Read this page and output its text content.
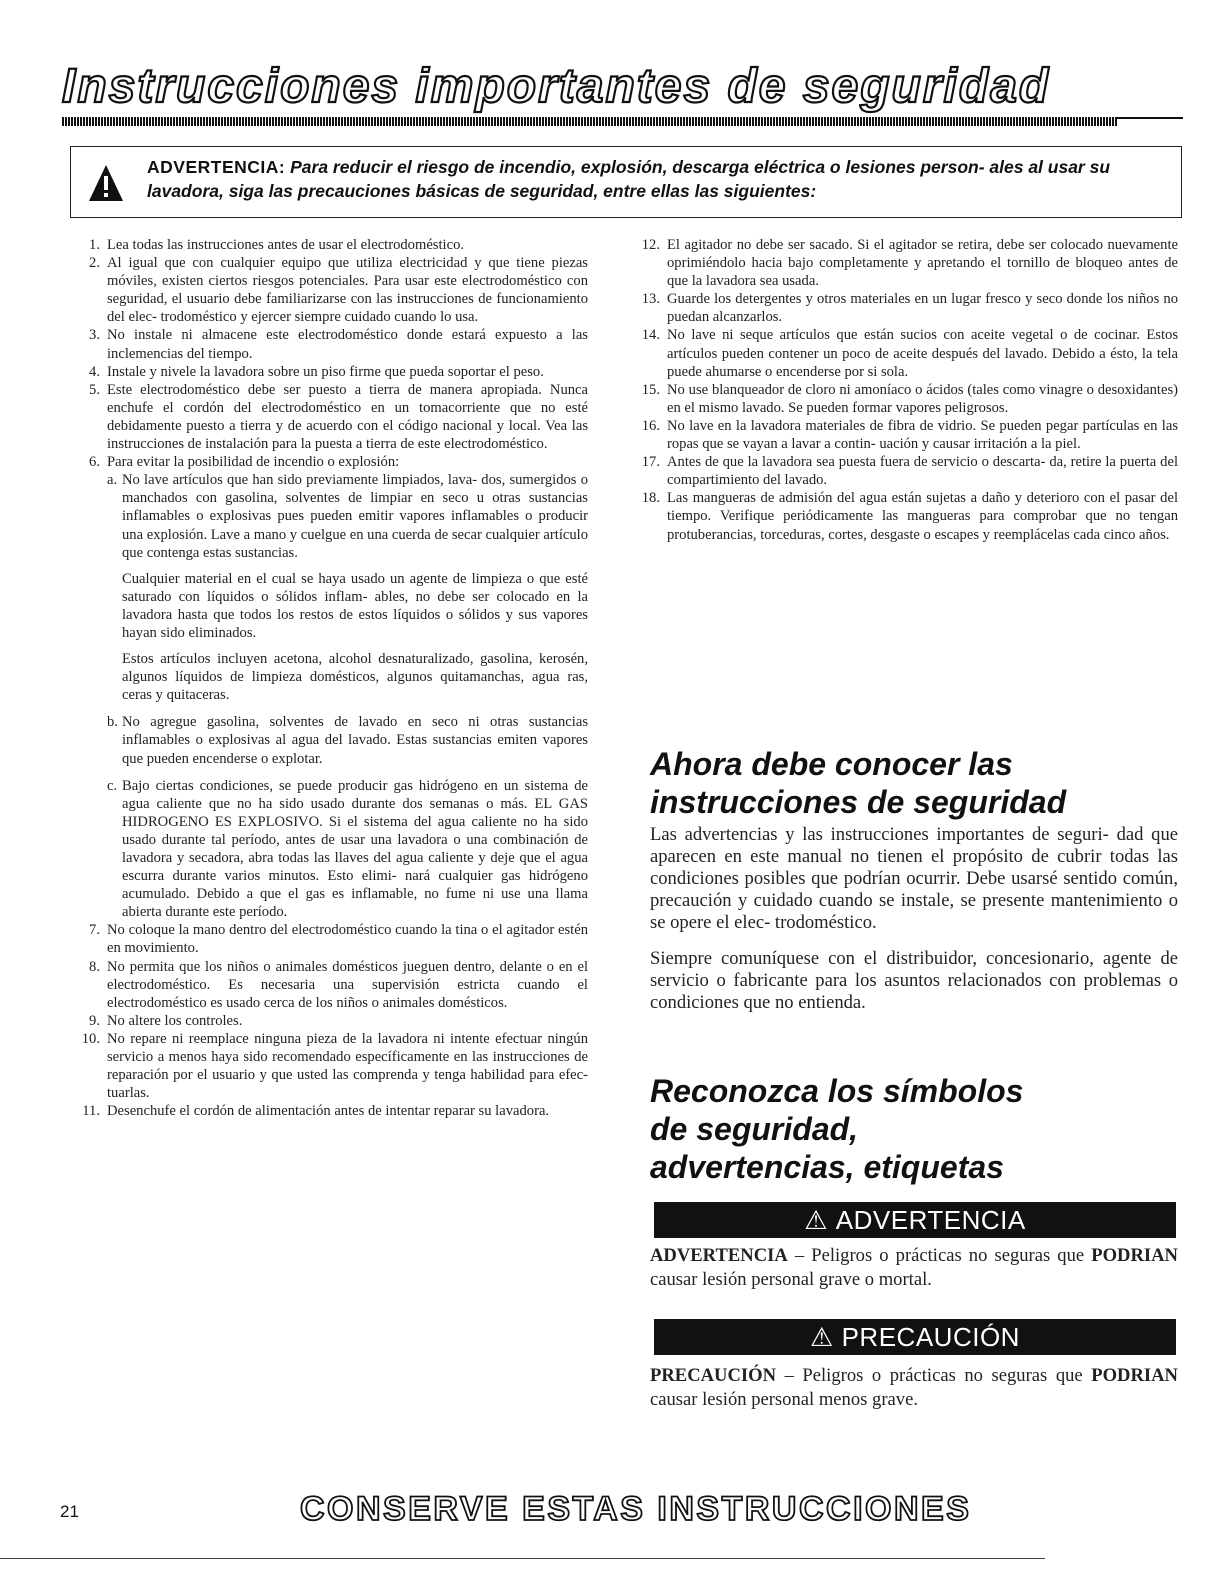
Instrucciones importantes de seguridad
ADVERTENCIA: Para reducir el riesgo de incendio, explosión, descarga eléctrica o lesiones person- ales al usar su lavadora, siga las precauciones básicas de seguridad, entre ellas las siguientes:
1. Lea todas las instrucciones antes de usar el electrodoméstico.
2. Al igual que con cualquier equipo que utiliza electricidad y que tiene piezas móviles, existen ciertos riesgos potenciales. Para usar este electrodoméstico con seguridad, el usuario debe familiarizarse con las instrucciones de funcionamiento del elec- trodoméstico y ejercer siempre cuidado cuando lo usa.
3. No instale ni almacene este electrodoméstico donde estará expuesto a las inclemencias del tiempo.
4. Instale y nivele la lavadora sobre un piso firme que pueda soportar el peso.
5. Este electrodoméstico debe ser puesto a tierra de manera apropiada. Nunca enchufe el cordón del electrodoméstico en un tomacorriente que no esté debidamente puesto a tierra y de acuerdo con el código nacional y local. Vea las instrucciones de instalación para la puesta a tierra de este electrodoméstico.
6. Para evitar la posibilidad de incendio o explosión:
a. No lave artículos que han sido previamente limpiados, lava- dos, sumergidos o manchados con gasolina, solventes de limpiar en seco u otras sustancias inflamables o explosivas pues pueden emitir vapores inflamables o producir una explosión. Lave a mano y cuelgue en una cuerda de secar cualquier artículo que contenga estas sustancias.
Cualquier material en el cual se haya usado un agente de limpieza o que esté saturado con líquidos o sólidos inflam- ables, no debe ser colocado en la lavadora hasta que todos los restos de estos líquidos o sólidos y sus vapores hayan sido eliminados.
Estos artículos incluyen acetona, alcohol desnaturalizado, gasolina, kerosén, algunos líquidos de limpieza domésticos, algunos quitamanchas, agua ras, ceras y quitaceras.
b. No agregue gasolina, solventes de lavado en seco ni otras sustancias inflamables o explosivas al agua del lavado. Estas sustancias emiten vapores que pueden encenderse o explotar.
c. Bajo ciertas condiciones, se puede producir gas hidrógeno en un sistema de agua caliente que no ha sido usado durante dos semanas o más. EL GAS HIDROGENO ES EXPLOSIVO. Si el sistema del agua caliente no ha sido usado durante tal período, antes de usar una lavadora o una combinación de lavadora y secadora, abra todas las llaves del agua caliente y deje que el agua escurra durante varios minutos. Esto elimi- nará cualquier gas hidrógeno acumulado. Debido a que el gas es inflamable, no fume ni use una llama abierta durante este período.
7. No coloque la mano dentro del electrodoméstico cuando la tina o el agitador estén en movimiento.
8. No permita que los niños o animales domésticos jueguen dentro, delante o en el electrodoméstico. Es necesaria una supervisión estricta cuando el electrodoméstico es usado cerca de los niños o animales domésticos.
9. No altere los controles.
10. No repare ni reemplace ninguna pieza de la lavadora ni intente efectuar ningún servicio a menos haya sido recomendado específicamente en las instrucciones de reparación por el usuario y que usted las comprenda y tenga habilidad para efec- tuarlas.
11. Desenchufe el cordón de alimentación antes de intentar reparar su lavadora.
12. El agitador no debe ser sacado. Si el agitador se retira, debe ser colocado nuevamente oprimiéndolo hacia bajo completamente y apretando el tornillo de bloqueo antes de que la lavadora sea usada.
13. Guarde los detergentes y otros materiales en un lugar fresco y seco donde los niños no puedan alcanzarlos.
14. No lave ni seque artículos que están sucios con aceite vegetal o de cocinar. Estos artículos pueden contener un poco de aceite después del lavado. Debido a ésto, la tela puede ahumarse o encenderse por si sola.
15. No use blanqueador de cloro ni amoníaco o ácidos (tales como vinagre o desoxidantes) en el mismo lavado. Se pueden formar vapores peligrosos.
16. No lave en la lavadora materiales de fibra de vidrio. Se pueden pegar partículas en las ropas que se vayan a lavar a contin- uación y causar irritación a la piel.
17. Antes de que la lavadora sea puesta fuera de servicio o descarta- da, retire la puerta del compartimiento del lavado.
18. Las mangueras de admisión del agua están sujetas a daño y deterioro con el pasar del tiempo. Verifique periódicamente las mangueras para comprobar que no tengan protuberancias, torceduras, cortes, desgaste o escapes y reemplácelas cada cinco años.
Ahora debe conocer las
instrucciones de seguridad

Las advertencias y las instrucciones importantes de seguri- dad que aparecen en este manual no tienen el propósito de cubrir todas las condiciones posibles que podrían ocurrir. Debe usarsé sentido común, precaución y cuidado cuando se instale, se presente mantenimiento o se opere el elec- trodoméstico.

Siempre comuníquese con el distribuidor, concesionario, agente de servicio o fabricante para los asuntos relacionados con problemas o condiciones que no entienda.

Reconozca los símbolos
de seguridad,
advertencias, etiquetas
⚠ ADVERTENCIA
ADVERTENCIA – Peligros o prácticas no seguras que PODRIAN causar lesión personal grave o mortal.
⚠ PRECAUCIÓN
PRECAUCIÓN – Peligros o prácticas no seguras que PODRIAN causar lesión personal menos grave.
21	CONSERVE ESTAS INSTRUCCIONES
